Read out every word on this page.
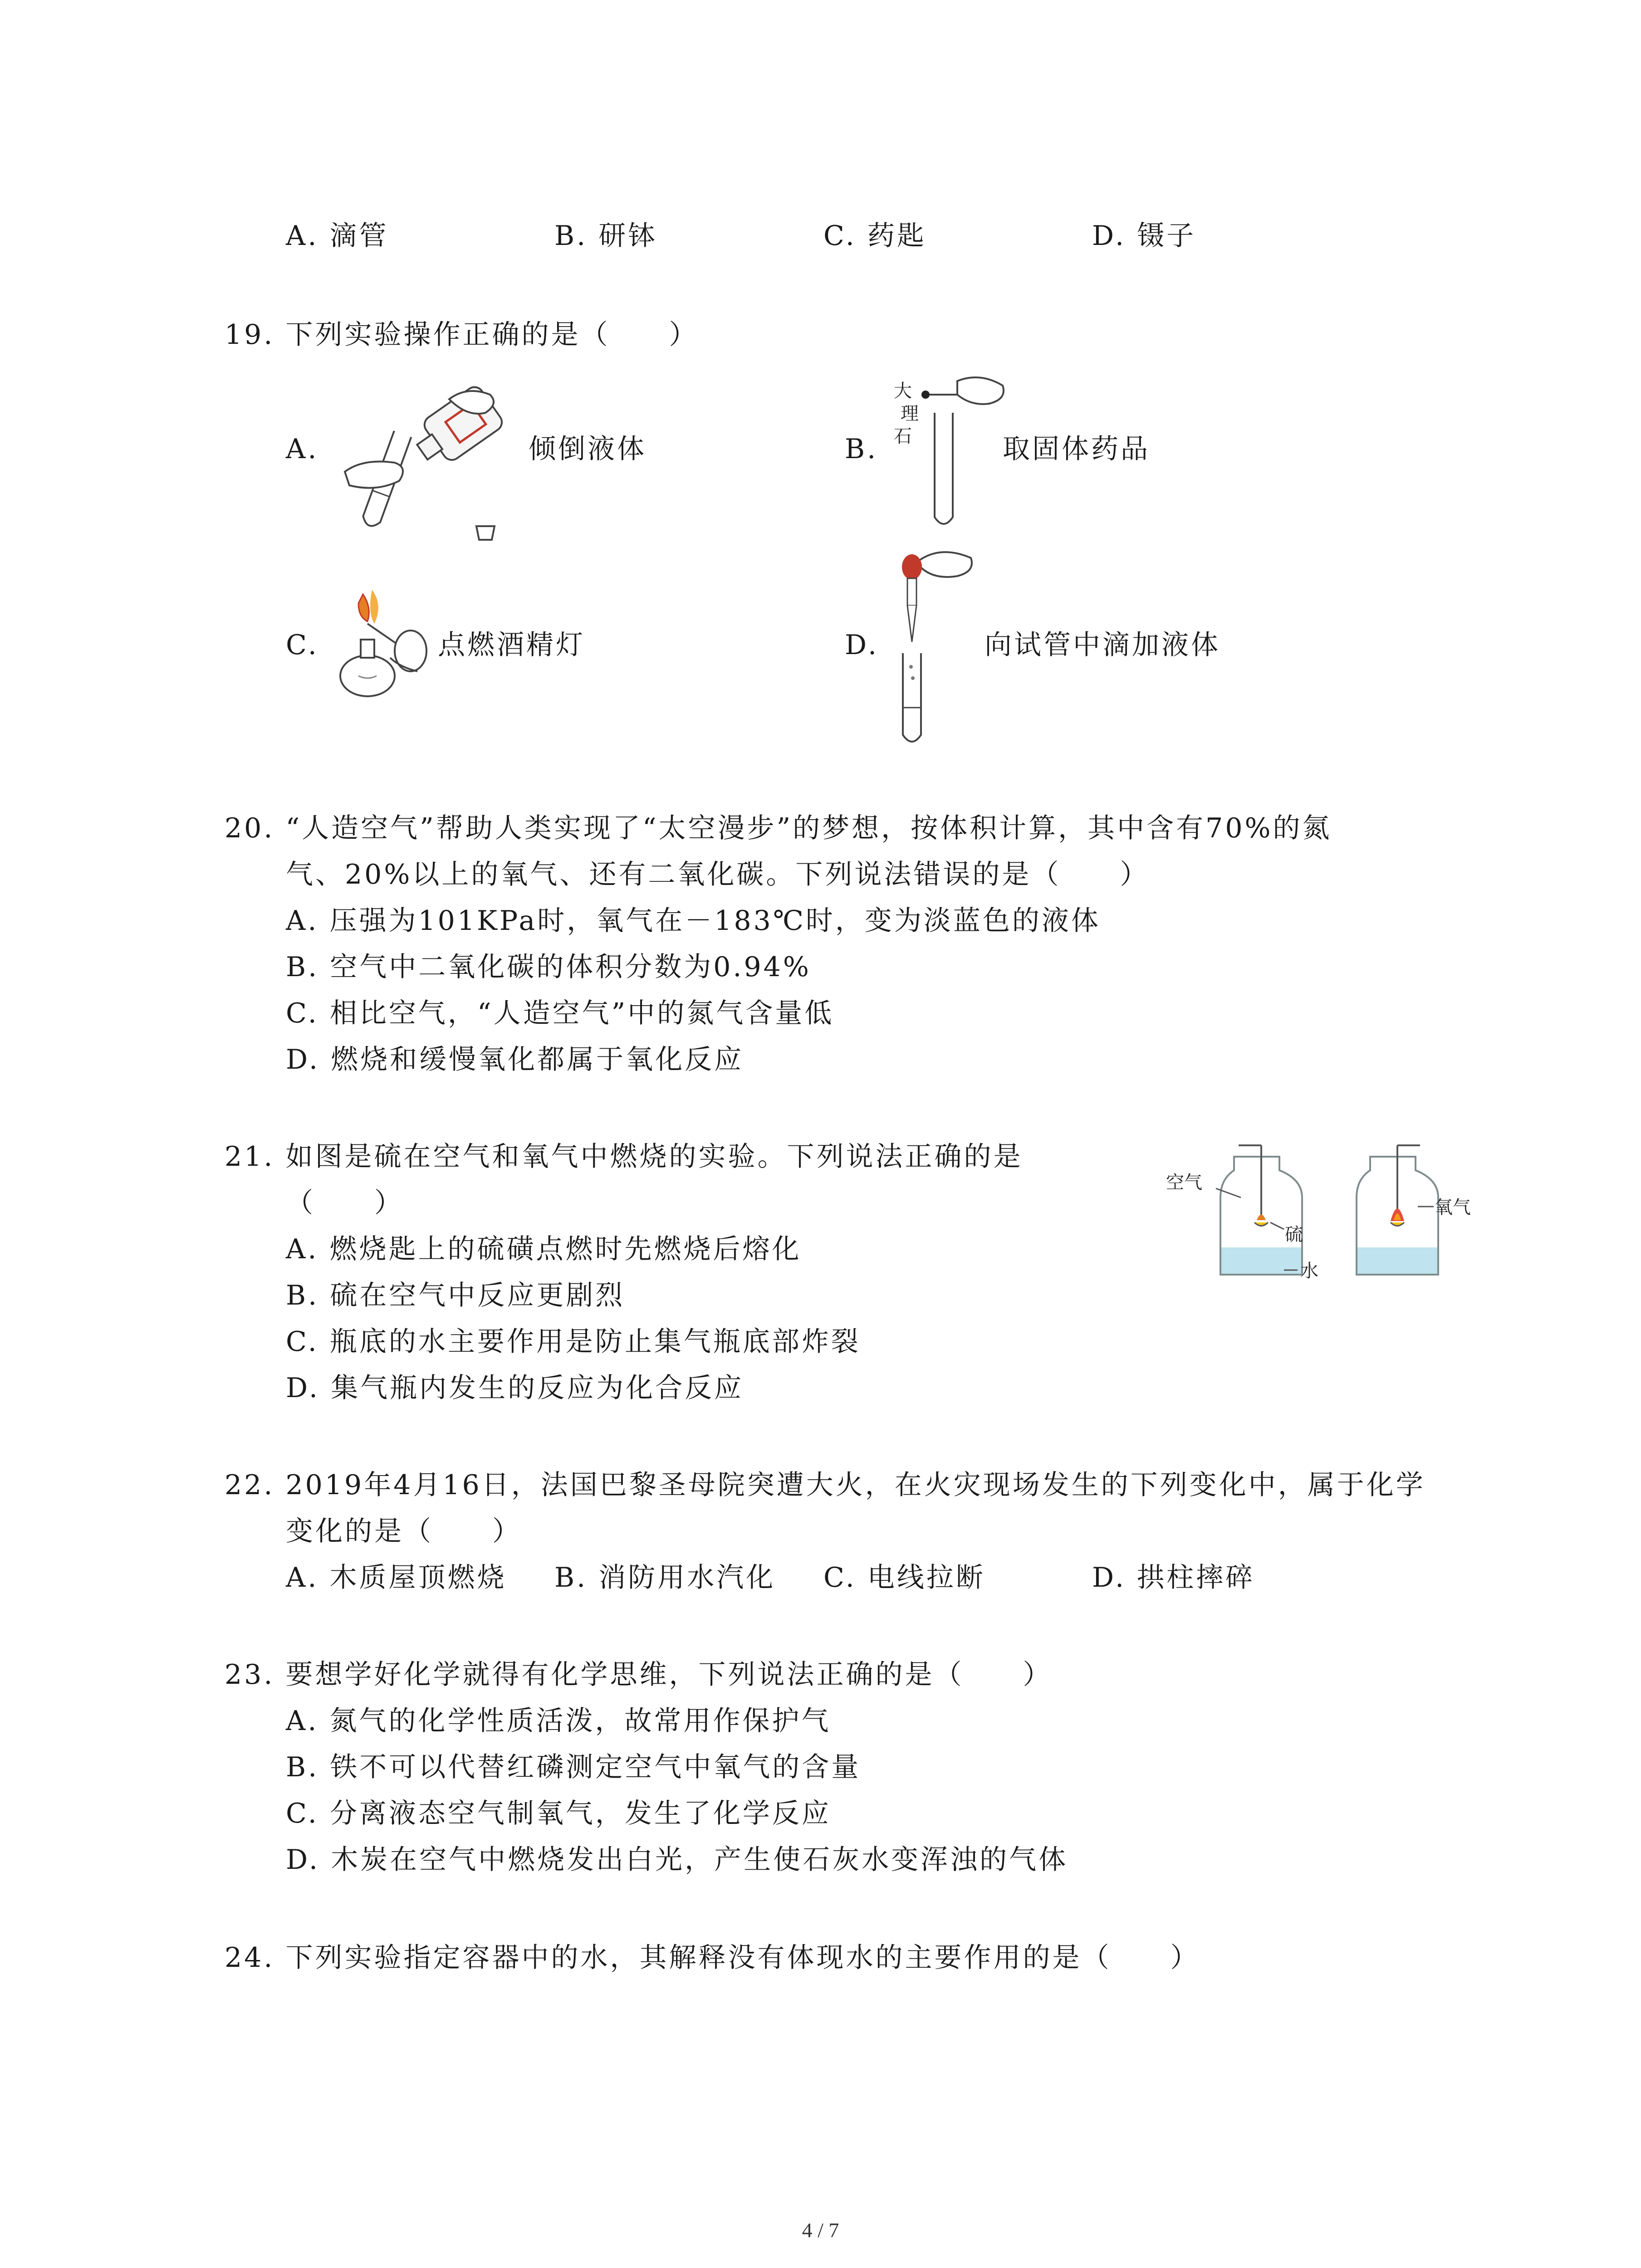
A. 滴管	B. 研钵	C. 药匙	D. 镊子
19. 下列实验操作正确的是（　　）
A.	倾倒液体	B.
大
理
石	取固体药品
C.	点燃酒精灯	D.	向试管中滴加液体
20. “人造空气”帮助人类实现了“太空漫步”的梦想，按体积计算，其中含有70%的氮
气、20%以上的氧气、还有二氧化碳。下列说法错误的是（　　）
A. 压强为101KPa时，氧气在－183℃时，变为淡蓝色的液体
B. 空气中二氧化碳的体积分数为0.94%
C. 相比空气，“人造空气”中的氮气含量低
D. 燃烧和缓慢氧化都属于氧化反应
21. 如图是硫在空气和氧气中燃烧的实验。下列说法正确的是
（　　）
A. 燃烧匙上的硫磺点燃时先燃烧后熔化
B. 硫在空气中反应更剧烈
C. 瓶底的水主要作用是防止集气瓶底部炸裂
D. 集气瓶内发生的反应为化合反应
空气
硫
水
氧气
22. 2019年4月16日，法国巴黎圣母院突遭大火，在火灾现场发生的下列变化中，属于化学
变化的是（　　）
A. 木质屋顶燃烧 B. 消防用水汽化 C. 电线拉断	D. 拱柱摔碎
23. 要想学好化学就得有化学思维，下列说法正确的是（　　）
A. 氮气的化学性质活泼，故常用作保护气
B. 铁不可以代替红磷测定空气中氧气的含量
C. 分离液态空气制氧气，发生了化学反应
D. 木炭在空气中燃烧发出白光，产生使石灰水变浑浊的气体
24. 下列实验指定容器中的水，其解释没有体现水的主要作用的是（　　）
4 / 7
